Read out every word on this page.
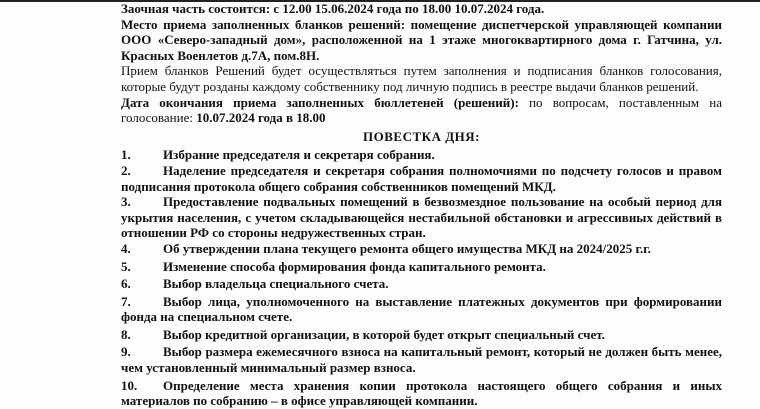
Заочная часть состоится: с 12.00 15.06.2024 года по 18.00 10.07.2024 года.

Место приема заполненных бланков решений: помещение диспетчерской управляющей компании ООО «Северо-западный дом», расположенной на 1 этаже многоквартирного дома г. Гатчина, ул. Красных Военлетов д.7А, пом.8Н.

Прием бланков Решений будет осуществляться путем заполнения и подписания бланков голосования, которые будут розданы каждому собственнику под личную подпись в реестре выдачи бланков решений.

Дата окончания приема заполненных бюллетеней (решений): по вопросам, поставленным на голосование: 10.07.2024 года в 18.00

ПОВЕСТКА ДНЯ:

1. Избрание председателя и секретаря собрания.

2. Наделение председателя и секретаря собрания полномочиями по подсчету голосов и правом подписания протокола общего собрания собственников помещений МКД.

3. Предоставление подвальных помещений в безвозмездное пользование на особый период для укрытия населения, с учетом складывающейся нестабильной обстановки и агрессивных действий в отношении РФ со стороны недружественных стран.

4. Об утверждении плана текущего ремонта общего имущества МКД на 2024/2025 г.г.

5. Изменение способа формирования фонда капитального ремонта.

6. Выбор владельца специального счета.

7. Выбор лица, уполномоченного на выставление платежных документов при формировании фонда на специальном счете.

8. Выбор кредитной организации, в которой будет открыт специальный счет.

9. Выбор размера ежемесячного взноса на капитальный ремонт, который не должен быть менее, чем установленный минимальный размер взноса.

10. Определение места хранения копии протокола настоящего общего собрания и иных материалов по собранию – в офисе управляющей компании.
